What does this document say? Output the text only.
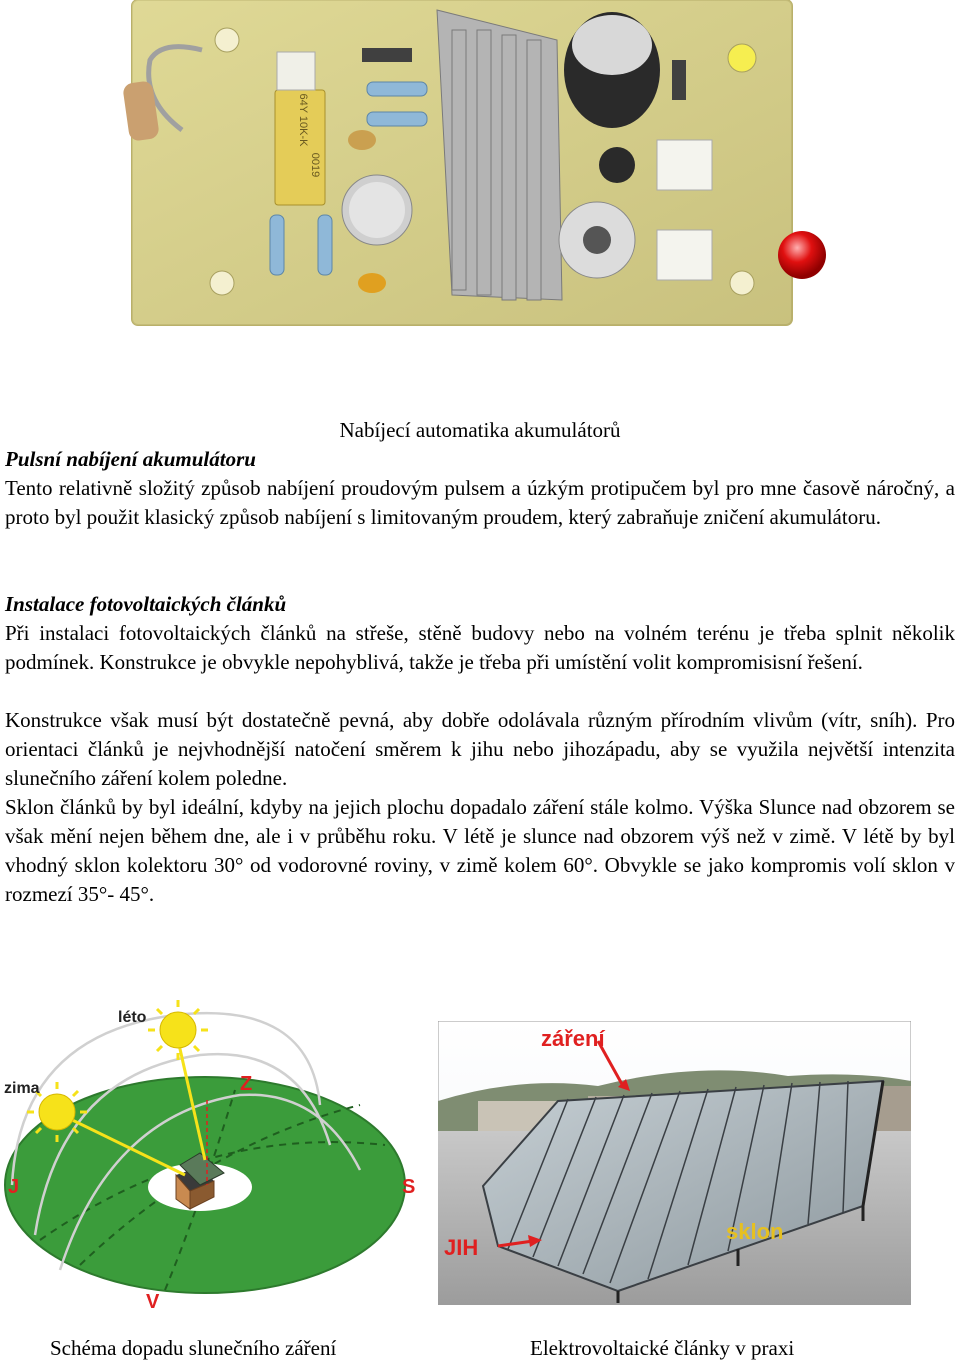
64Y 10K-K
0019

Nabíjecí automatika akumulátorů

Pulsní nabíjení akumulátoru

Tento relativně složitý způsob nabíjení proudovým pulsem a úzkým protipučem byl pro mne časově náročný, a proto byl použit klasický způsob nabíjení s limitovaným proudem, který zabraňuje zničení akumulátoru.

Instalace fotovoltaických článků

Při instalaci fotovoltaických článků na střeše, stěně budovy nebo na volném terénu je třeba splnit několik podmínek. Konstrukce je obvykle nepohyblivá, takže je třeba při umístění volit kompromisisní řešení.

Konstrukce však musí být dostatečně pevná, aby dobře odolávala různým přírodním vlivům (vítr, sníh). Pro orientaci článků je nejvhodnější natočení směrem k jihu nebo jihozápadu, aby se využila největší intenzita slunečního záření kolem poledne.

Sklon článků by byl ideální, kdyby na jejich plochu dopadalo záření stále kolmo. Výška Slunce nad obzorem se však mění nejen během dne, ale i v průběhu roku. V létě je slunce nad obzorem výš než v zimě. V létě by byl vhodný sklon kolektoru 30° od vodorovné roviny, v zimě kolem 60°. Obvykle se jako kompromis volí sklon v rozmezí 35°- 45°.

léto
zima	Z
J	S
V
záření
JIH
sklon

Schéma dopadu slunečního záření	Elektrovoltaické články v praxi
